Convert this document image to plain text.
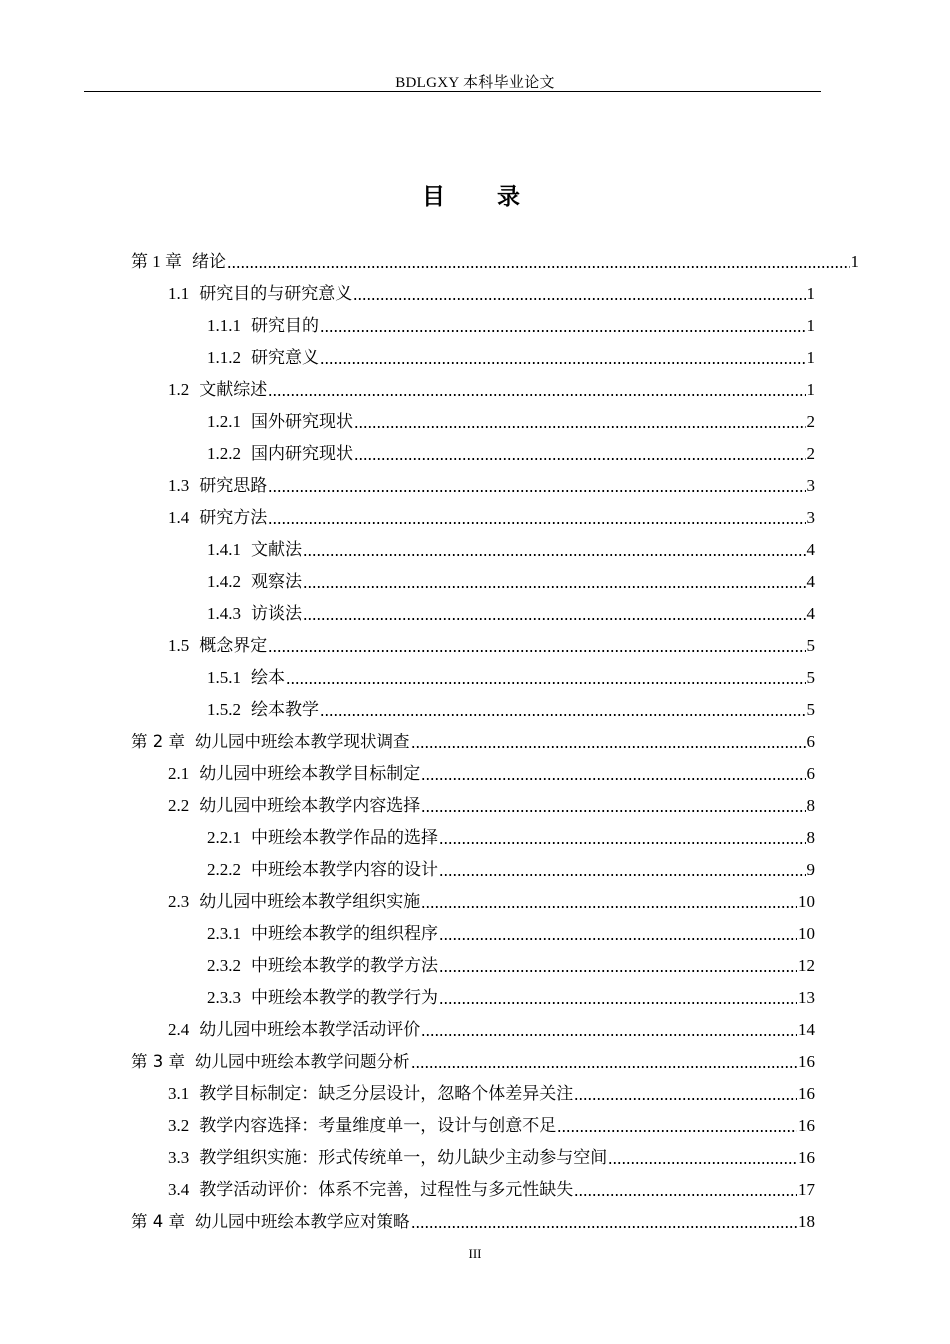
BDLGXY 本科毕业论文
目 录
第 1 章 绪论	1
1.1 研究目的与研究意义	1
1.1.1 研究目的	1
1.1.2 研究意义	1
1.2 文献综述	1
1.2.1 国外研究现状	2
1.2.2 国内研究现状	2
1.3 研究思路	3
1.4 研究方法	3
1.4.1 文献法	4
1.4.2 观察法	4
1.4.3 访谈法	4
1.5 概念界定	5
1.5.1 绘本	5
1.5.2 绘本教学	5
第 2 章 幼儿园中班绘本教学现状调查	6
2.1 幼儿园中班绘本教学目标制定	6
2.2 幼儿园中班绘本教学内容选择	8
2.2.1 中班绘本教学作品的选择	8
2.2.2 中班绘本教学内容的设计	9
2.3 幼儿园中班绘本教学组织实施	10
2.3.1 中班绘本教学的组织程序	10
2.3.2 中班绘本教学的教学方法	12
2.3.3 中班绘本教学的教学行为	13
2.4 幼儿园中班绘本教学活动评价	14
第 3 章 幼儿园中班绘本教学问题分析	16
3.1 教学目标制定：缺乏分层设计，忽略个体差异关注	16
3.2 教学内容选择：考量维度单一，设计与创意不足	16
3.3 教学组织实施：形式传统单一，幼儿缺少主动参与空间	16
3.4 教学活动评价：体系不完善，过程性与多元性缺失	17
第 4 章 幼儿园中班绘本教学应对策略	18
III
